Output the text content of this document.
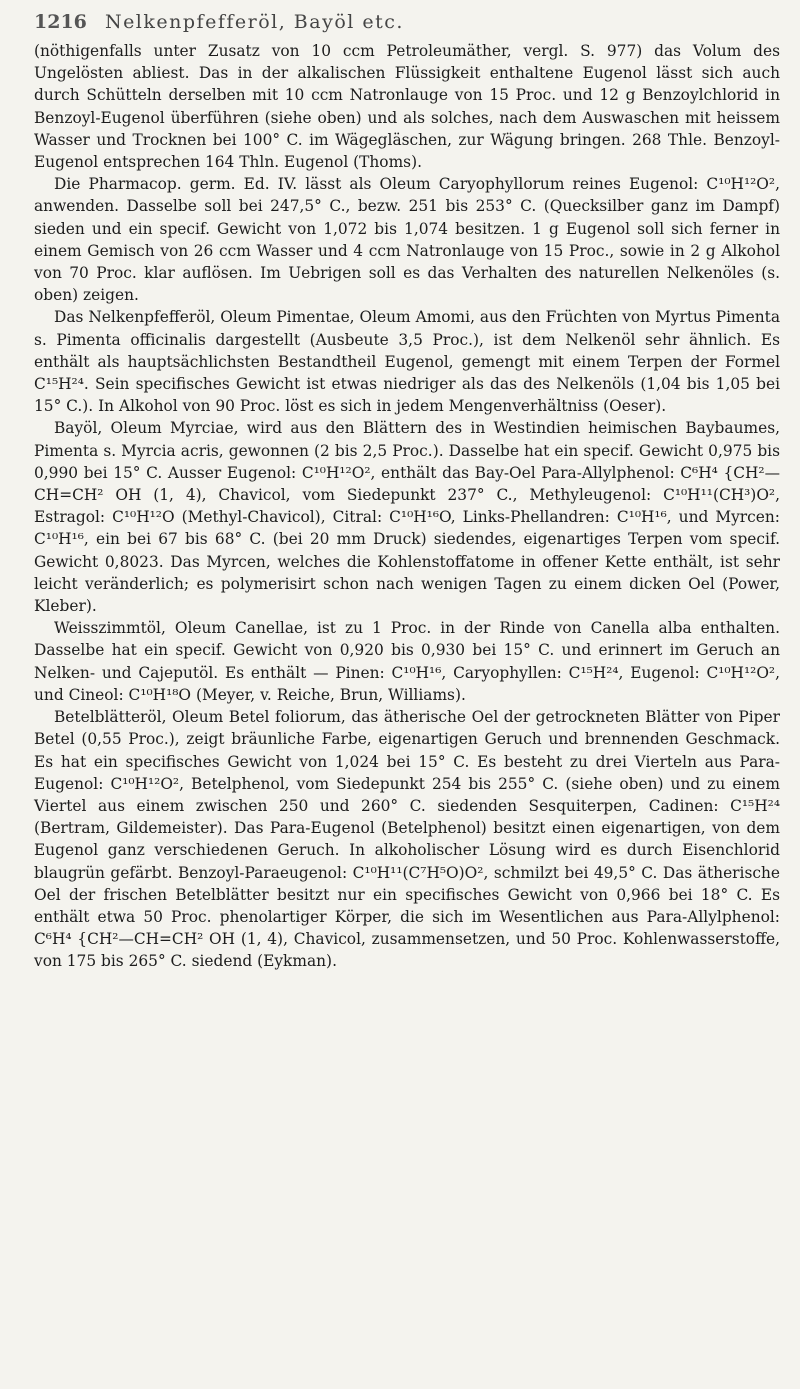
1216 Nelkenpfefferöl, Bayöl etc.

(nöthigenfalls unter Zusatz von 10 ccm Petroleumäther, vergl. S. 977) das Volum des Ungelösten abliest. Das in der alkalischen Flüssigkeit enthaltene Eugenol lässt sich auch durch Schütteln derselben mit 10 ccm Natronlauge von 15 Proc. und 12 g Benzoylchlorid in Benzoyl-Eugenol überführen (siehe oben) und als solches, nach dem Auswaschen mit heissem Wasser und Trocknen bei 100° C. im Wägegläschen, zur Wägung bringen. 268 Thle. Benzoyl-Eugenol entsprechen 164 Thln. Eugenol (Thoms).

Die Pharmacop. germ. Ed. IV. lässt als Oleum Caryophyllorum reines Eugenol: C¹⁰H¹²O², anwenden. Dasselbe soll bei 247,5° C., bezw. 251 bis 253° C. (Quecksilber ganz im Dampf) sieden und ein specif. Gewicht von 1,072 bis 1,074 besitzen. 1 g Eugenol soll sich ferner in einem Gemisch von 26 ccm Wasser und 4 ccm Natronlauge von 15 Proc., sowie in 2 g Alkohol von 70 Proc. klar auflösen. Im Uebrigen soll es das Verhalten des naturellen Nelkenöles (s. oben) zeigen.

Das Nelkenpfefferöl, Oleum Pimentae, Oleum Amomi, aus den Früchten von Myrtus Pimenta s. Pimenta officinalis dargestellt (Ausbeute 3,5 Proc.), ist dem Nelkenöl sehr ähnlich. Es enthält als hauptsächlichsten Bestandtheil Eugenol, gemengt mit einem Terpen der Formel C¹⁵H²⁴. Sein specifisches Gewicht ist etwas niedriger als das des Nelkenöls (1,04 bis 1,05 bei 15° C.). In Alkohol von 90 Proc. löst es sich in jedem Mengenverhältniss (Oeser).

Bayöl, Oleum Myrciae, wird aus den Blättern des in Westindien heimischen Baybaumes, Pimenta s. Myrcia acris, gewonnen (2 bis 2,5 Proc.). Dasselbe hat ein specif. Gewicht 0,975 bis 0,990 bei 15° C. Ausser Eugenol: C¹⁰H¹²O², enthält das Bay-Oel Para-Allylphenol: C⁶H⁴ {CH²—CH=CH² OH (1, 4), Chavicol, vom Siedepunkt 237° C., Methyleugenol: C¹⁰H¹¹(CH³)O², Estragol: C¹⁰H¹²O (Methyl-Chavicol), Citral: C¹⁰H¹⁶O, Links-Phellandren: C¹⁰H¹⁶, und Myrcen: C¹⁰H¹⁶, ein bei 67 bis 68° C. (bei 20 mm Druck) siedendes, eigenartiges Terpen vom specif. Gewicht 0,8023. Das Myrcen, welches die Kohlenstoffatome in offener Kette enthält, ist sehr leicht veränderlich; es polymerisirt schon nach wenigen Tagen zu einem dicken Oel (Power, Kleber).

Weisszimmtöl, Oleum Canellae, ist zu 1 Proc. in der Rinde von Canella alba enthalten. Dasselbe hat ein specif. Gewicht von 0,920 bis 0,930 bei 15° C. und erinnert im Geruch an Nelken- und Cajeputöl. Es enthält — Pinen: C¹⁰H¹⁶, Caryophyllen: C¹⁵H²⁴, Eugenol: C¹⁰H¹²O², und Cineol: C¹⁰H¹⁸O (Meyer, v. Reiche, Brun, Williams).

Betelblätteröl, Oleum Betel foliorum, das ätherische Oel der getrockneten Blätter von Piper Betel (0,55 Proc.), zeigt bräunliche Farbe, eigenartigen Geruch und brennenden Geschmack. Es hat ein specifisches Gewicht von 1,024 bei 15° C. Es besteht zu drei Vierteln aus Para-Eugenol: C¹⁰H¹²O², Betelphenol, vom Siedepunkt 254 bis 255° C. (siehe oben) und zu einem Viertel aus einem zwischen 250 und 260° C. siedenden Sesquiterpen, Cadinen: C¹⁵H²⁴ (Bertram, Gildemeister). Das Para-Eugenol (Betelphenol) besitzt einen eigenartigen, von dem Eugenol ganz verschiedenen Geruch. In alkoholischer Lösung wird es durch Eisenchlorid blaugrün gefärbt. Benzoyl-Paraeugenol: C¹⁰H¹¹(C⁷H⁵O)O², schmilzt bei 49,5° C. Das ätherische Oel der frischen Betelblätter besitzt nur ein specifisches Gewicht von 0,966 bei 18° C. Es enthält etwa 50 Proc. phenolartiger Körper, die sich im Wesentlichen aus Para-Allylphenol: C⁶H⁴ {CH²—CH=CH² OH (1, 4), Chavicol, zusammensetzen, und 50 Proc. Kohlenwasserstoffe, von 175 bis 265° C. siedend (Eykman).
